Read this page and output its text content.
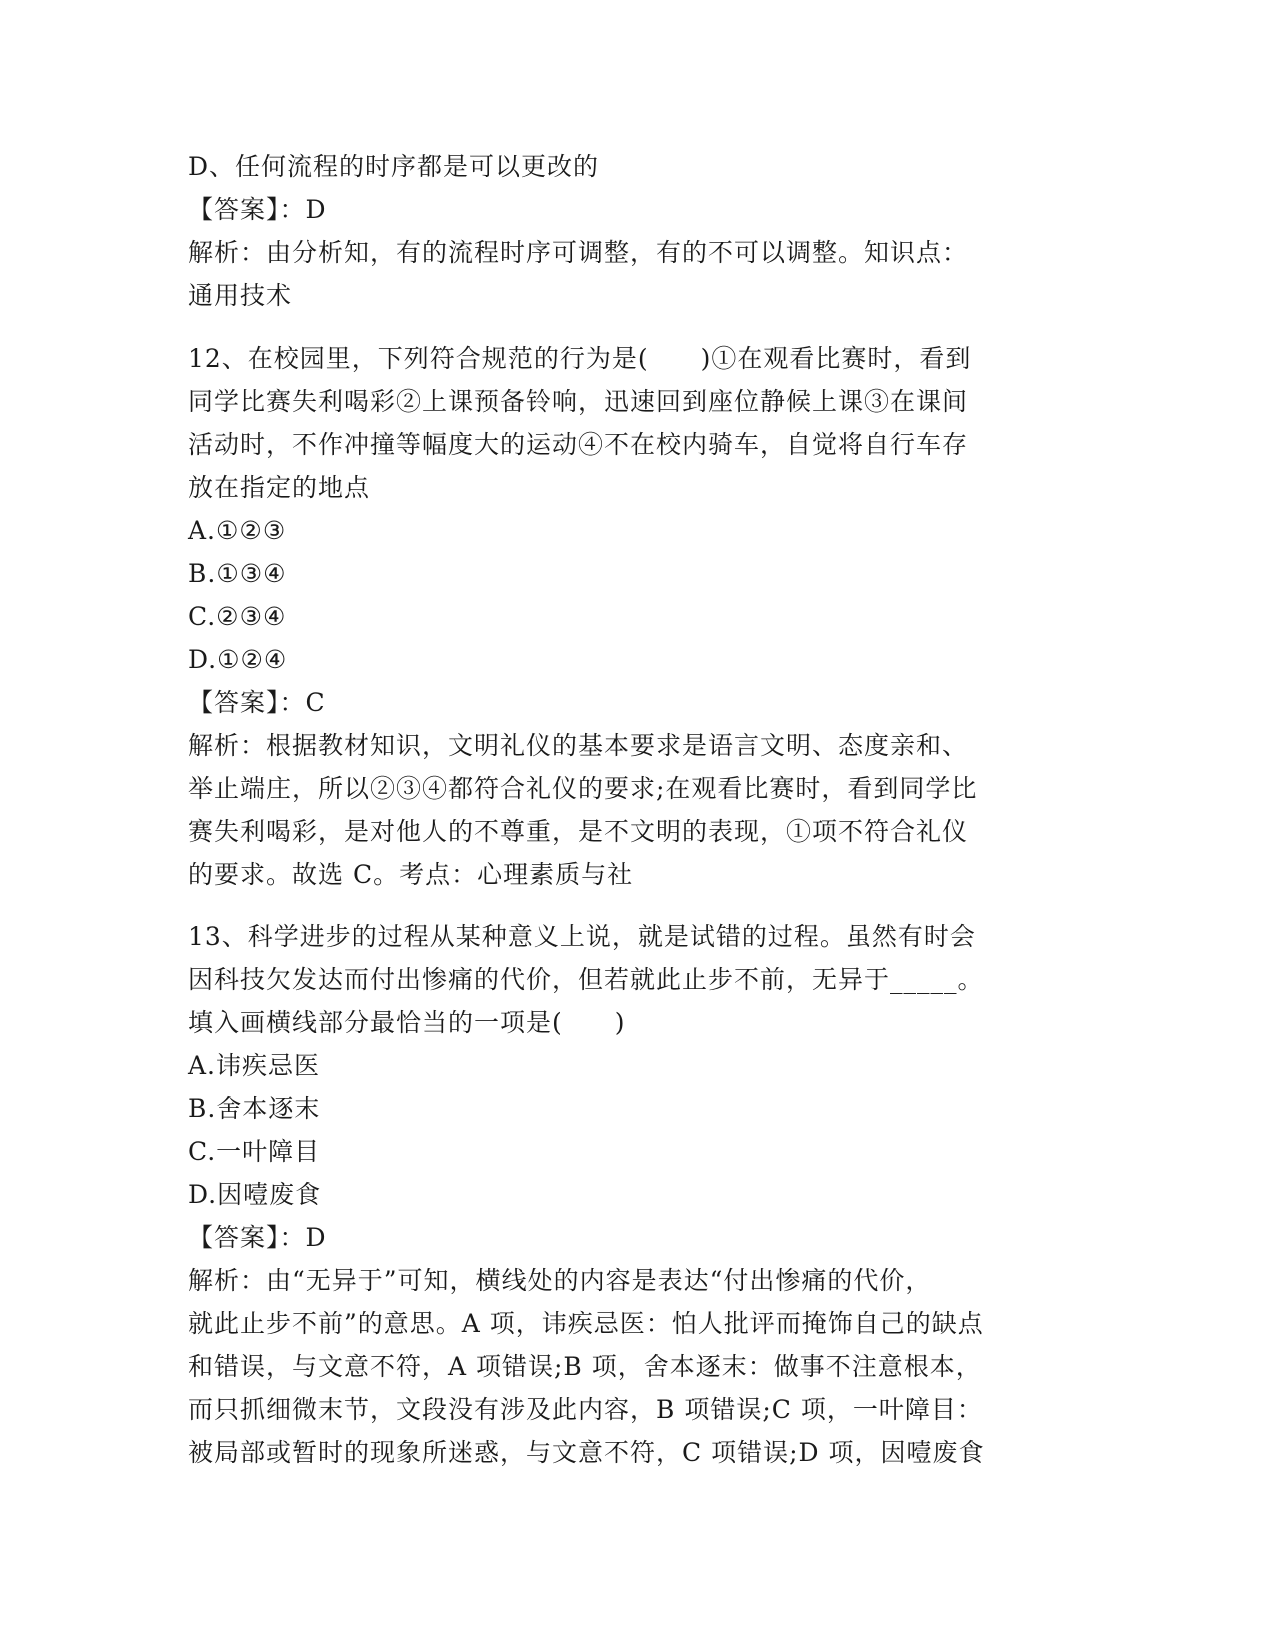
D、任何流程的时序都是可以更改的
【答案】：D
解析：由分析知，有的流程时序可调整，有的不可以调整。知识点：
通用技术
12、在校园里，下列符合规范的行为是(　　)①在观看比赛时，看到
同学比赛失利喝彩②上课预备铃响，迅速回到座位静候上课③在课间
活动时，不作冲撞等幅度大的运动④不在校内骑车，自觉将自行车存
放在指定的地点
A.①②③
B.①③④
C.②③④
D.①②④
【答案】：C
解析：根据教材知识，文明礼仪的基本要求是语言文明、态度亲和、
举止端庄，所以②③④都符合礼仪的要求;在观看比赛时，看到同学比
赛失利喝彩，是对他人的不尊重，是不文明的表现，①项不符合礼仪
的要求。故选 C。考点：心理素质与社
13、科学进步的过程从某种意义上说，就是试错的过程。虽然有时会
因科技欠发达而付出惨痛的代价，但若就此止步不前，无异于_____。
填入画横线部分最恰当的一项是(　　)
A.讳疾忌医
B.舍本逐末
C.一叶障目
D.因噎废食
【答案】：D
解析：由“无异于”可知，横线处的内容是表达“付出惨痛的代价，
就此止步不前”的意思。A 项，讳疾忌医：怕人批评而掩饰自己的缺点
和错误，与文意不符，A 项错误;B 项，舍本逐末：做事不注意根本，
而只抓细微末节，文段没有涉及此内容，B 项错误;C 项，一叶障目：
被局部或暂时的现象所迷惑，与文意不符，C 项错误;D 项，因噎废食
